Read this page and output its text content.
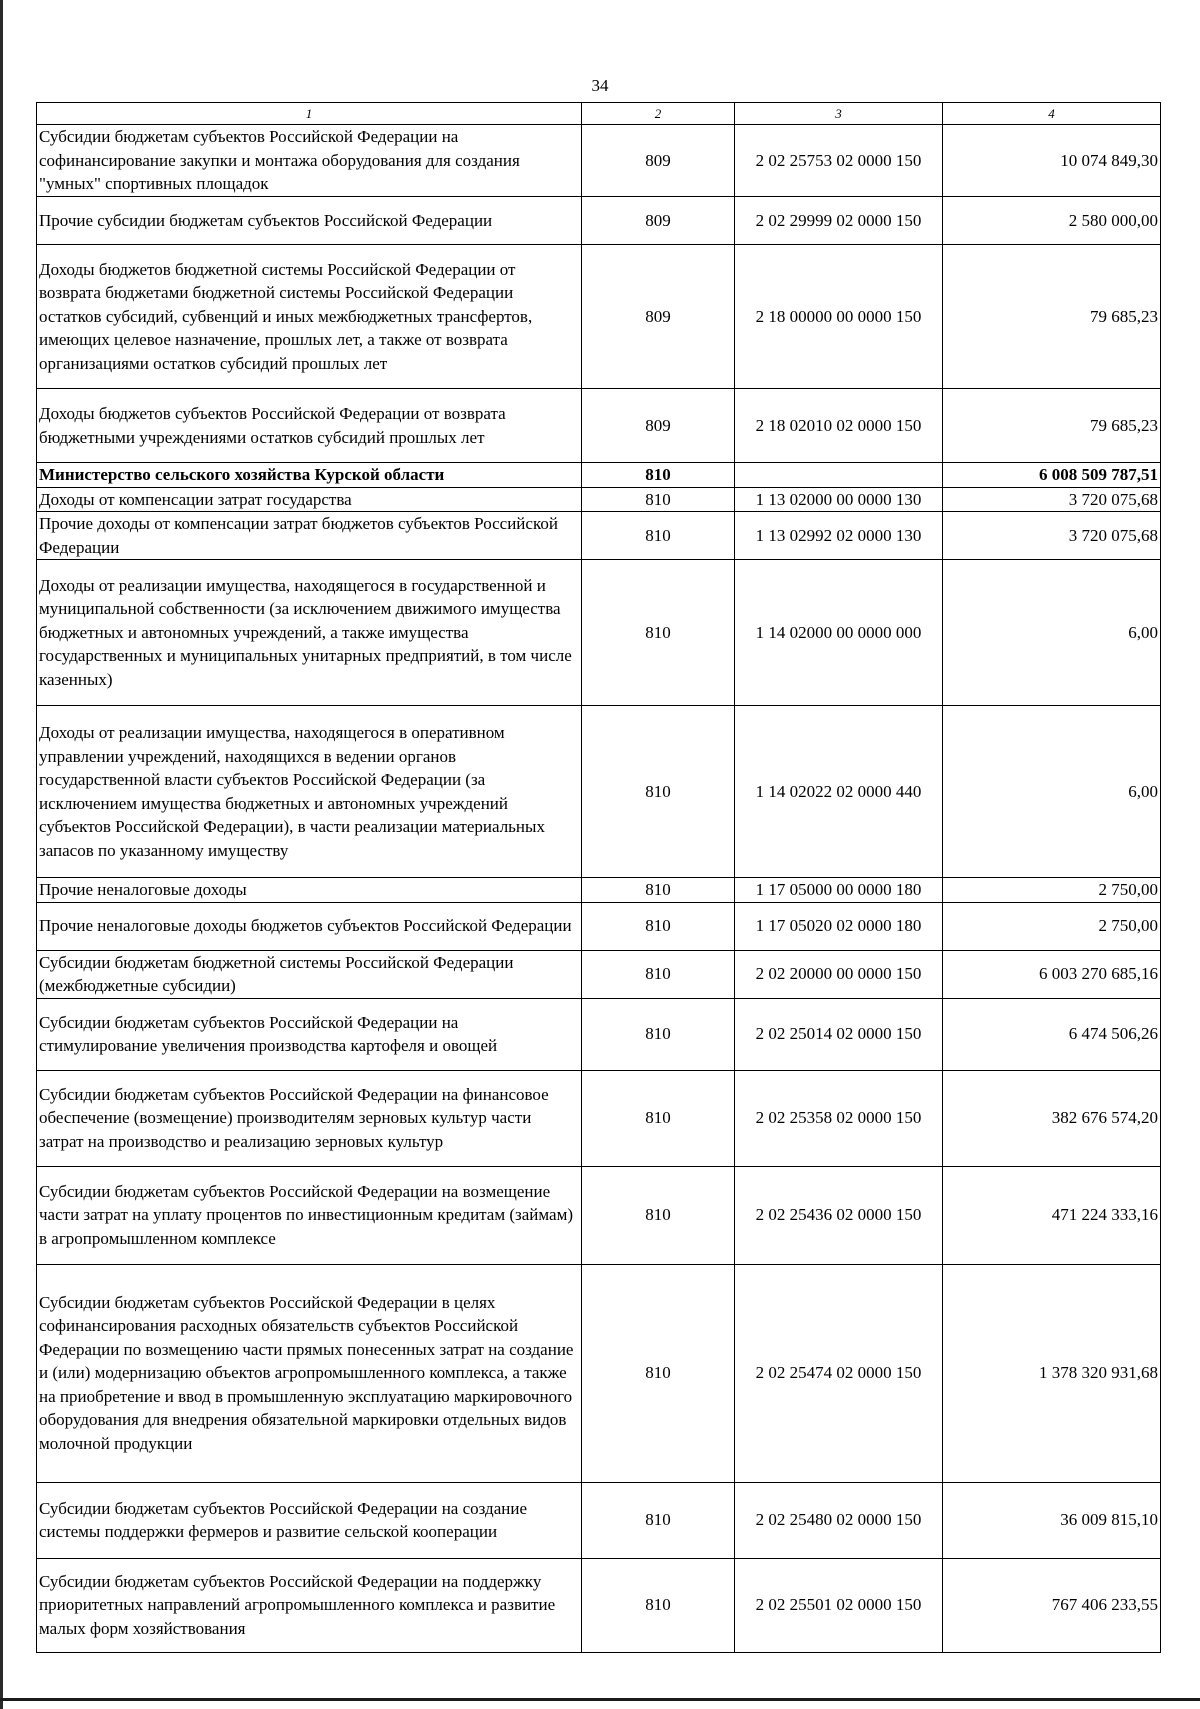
34
1	2	3	4
Субсидии бюджетам субъектов Российской Федерации на софинансирование закупки и монтажа оборудования для создания "умных" спортивных площадок	809	2 02 25753 02 0000 150	10 074 849,30
Прочие субсидии бюджетам субъектов Российской Федерации	809	2 02 29999 02 0000 150	2 580 000,00
Доходы бюджетов бюджетной системы Российской Федерации от возврата бюджетами бюджетной системы Российской Федерации остатков субсидий, субвенций и иных межбюджетных трансфертов, имеющих целевое назначение, прошлых лет, а также от возврата организациями остатков субсидий прошлых лет	809	2 18 00000 00 0000 150	79 685,23
Доходы бюджетов субъектов Российской Федерации от возврата бюджетными учреждениями остатков субсидий прошлых лет	809	2 18 02010 02 0000 150	79 685,23
Министерство сельского хозяйства Курской области	810		6 008 509 787,51
Доходы от компенсации затрат государства	810	1 13 02000 00 0000 130	3 720 075,68
Прочие доходы от компенсации затрат бюджетов субъектов Российской Федерации	810	1 13 02992 02 0000 130	3 720 075,68
Доходы от реализации имущества, находящегося в государственной и муниципальной собственности (за исключением движимого имущества бюджетных и автономных учреждений, а также имущества государственных и муниципальных унитарных предприятий, в том числе казенных)	810	1 14 02000 00 0000 000	6,00
Доходы от реализации имущества, находящегося в оперативном управлении учреждений, находящихся в ведении органов государственной власти субъектов Российской Федерации (за исключением имущества бюджетных и автономных учреждений субъектов Российской Федерации), в части реализации материальных запасов по указанному имуществу	810	1 14 02022 02 0000 440	6,00
Прочие неналоговые доходы	810	1 17 05000 00 0000 180	2 750,00
Прочие неналоговые доходы бюджетов субъектов Российской Федерации	810	1 17 05020 02 0000 180	2 750,00
Субсидии бюджетам бюджетной системы Российской Федерации (межбюджетные субсидии)	810	2 02 20000 00 0000 150	6 003 270 685,16
Субсидии бюджетам субъектов Российской Федерации на стимулирование увеличения производства картофеля и овощей	810	2 02 25014 02 0000 150	6 474 506,26
Субсидии бюджетам субъектов Российской Федерации на финансовое обеспечение (возмещение) производителям зерновых культур части затрат на производство и реализацию зерновых культур	810	2 02 25358 02 0000 150	382 676 574,20
Субсидии бюджетам субъектов Российской Федерации на возмещение части затрат на уплату процентов по инвестиционным кредитам (займам) в агропромышленном комплексе	810	2 02 25436 02 0000 150	471 224 333,16
Субсидии бюджетам субъектов Российской Федерации в целях софинансирования расходных обязательств субъектов Российской Федерации по возмещению части прямых понесенных затрат на создание и (или) модернизацию объектов агропромышленного комплекса, а также на приобретение и ввод в промышленную эксплуатацию маркировочного оборудования для внедрения обязательной маркировки отдельных видов молочной продукции	810	2 02 25474 02 0000 150	1 378 320 931,68
Субсидии бюджетам субъектов Российской Федерации на создание системы поддержки фермеров и развитие сельской кооперации	810	2 02 25480 02 0000 150	36 009 815,10
Субсидии бюджетам субъектов Российской Федерации на поддержку приоритетных направлений агропромышленного комплекса и развитие малых форм хозяйствования	810	2 02 25501 02 0000 150	767 406 233,55
